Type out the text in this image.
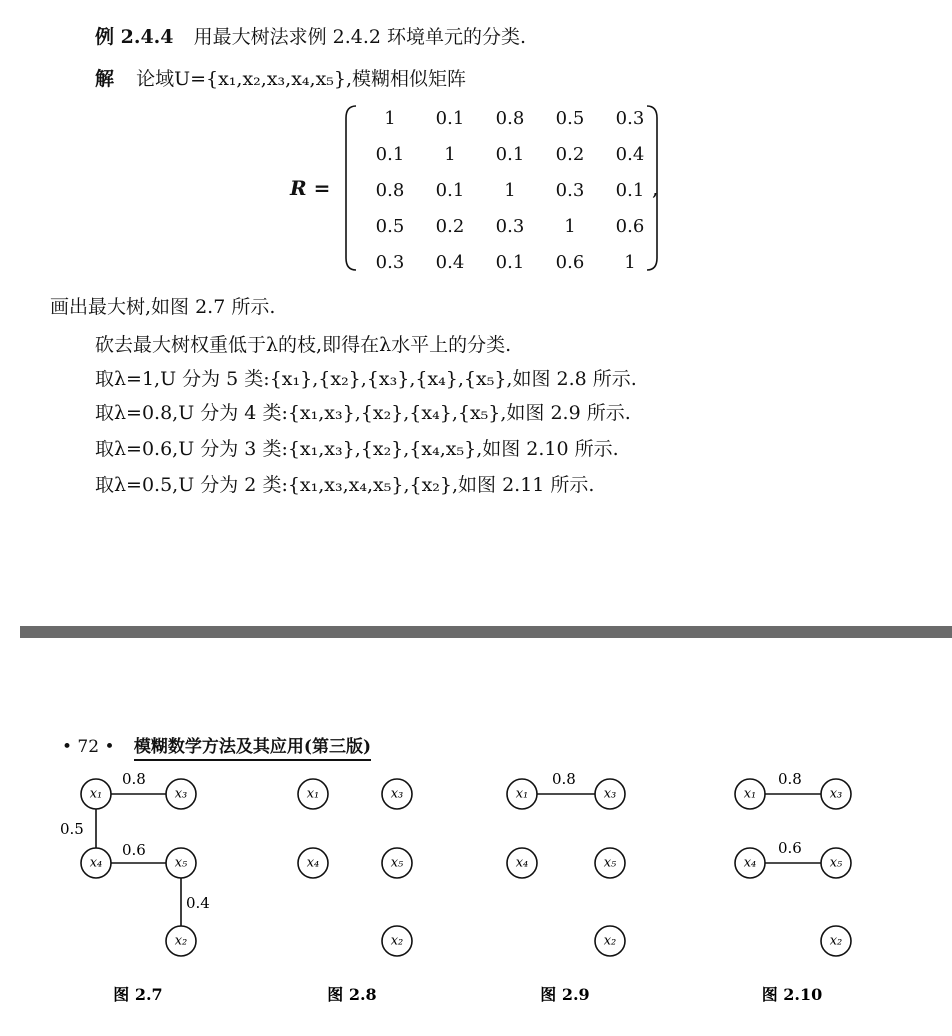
例 2.4.4 用最大树法求例 2.4.2 环境单元的分类.
解 论域U={x₁,x₂,x₃,x₄,x₅},模糊相似矩阵
R =
1	0.1	0.8	0.5	0.3
0.1	1	0.1	0.2	0.4
0.8	0.1	1	0.3	0.1
0.5	0.2	0.3	1	0.6
0.3	0.4	0.1	0.6	1
,
画出最大树,如图 2.7 所示.
砍去最大树权重低于λ的枝,即得在λ水平上的分类.
取λ=1,U 分为 5 类:{x₁},{x₂},{x₃},{x₄},{x₅},如图 2.8 所示.
取λ=0.8,U 分为 4 类:{x₁,x₃},{x₂},{x₄},{x₅},如图 2.9 所示.
取λ=0.6,U 分为 3 类:{x₁,x₃},{x₂},{x₄,x₅},如图 2.10 所示.
取λ=0.5,U 分为 2 类:{x₁,x₃,x₄,x₅},{x₂},如图 2.11 所示.
• 72 • 模糊数学方法及其应用(第三版)
0.8
0.5
0.6
0.4
x₁	x₃
x₄	x₅
x₂
图 2.7
x₁	x₃
x₄	x₅
x₂
图 2.8
0.8
x₁	x₃
x₄	x₅
x₂
图 2.9
0.8
0.6
x₁	x₃
x₄	x₅
x₂
图 2.10
